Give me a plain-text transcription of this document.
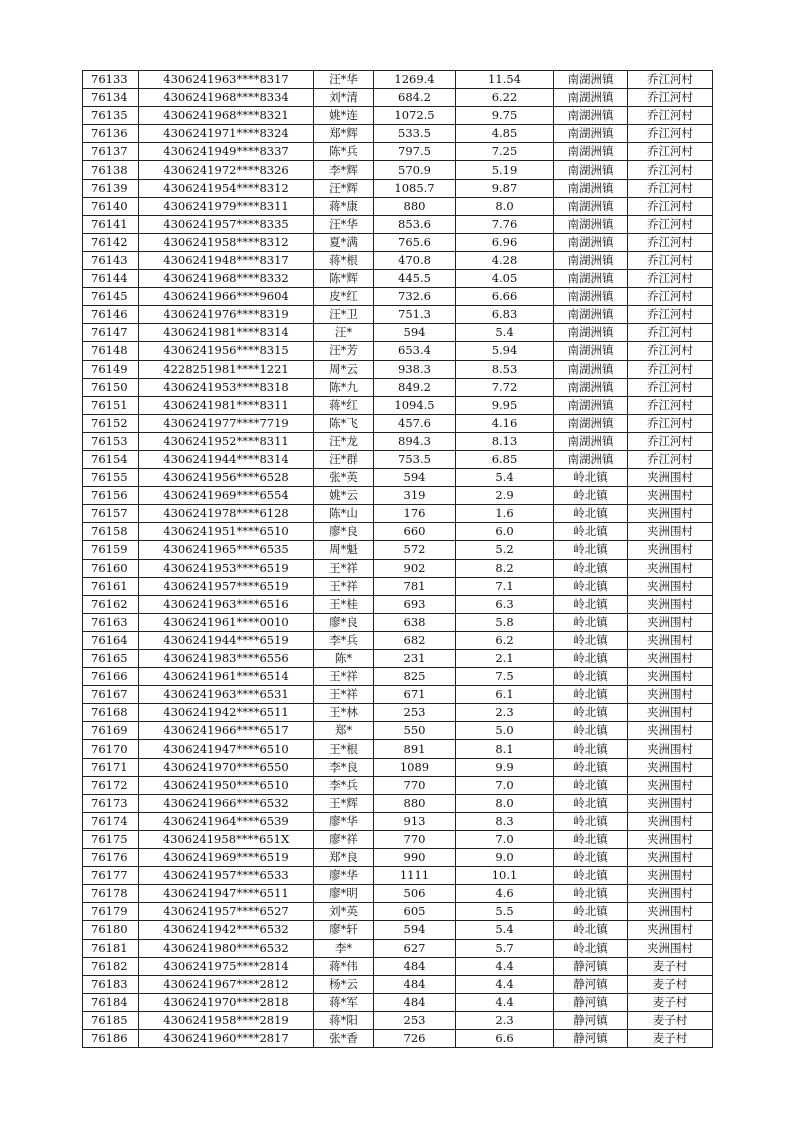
76133	4306241963****8317	汪*华	1269.4	11.54	南湖洲镇	乔江河村
76134	4306241968****8334	刘*清	684.2	6.22	南湖洲镇	乔江河村
76135	4306241968****8321	姚*连	1072.5	9.75	南湖洲镇	乔江河村
76136	4306241971****8324	郑*辉	533.5	4.85	南湖洲镇	乔江河村
76137	4306241949****8337	陈*兵	797.5	7.25	南湖洲镇	乔江河村
76138	4306241972****8326	李*辉	570.9	5.19	南湖洲镇	乔江河村
76139	4306241954****8312	汪*辉	1085.7	9.87	南湖洲镇	乔江河村
76140	4306241979****8311	蒋*康	880	8.0	南湖洲镇	乔江河村
76141	4306241957****8335	汪*华	853.6	7.76	南湖洲镇	乔江河村
76142	4306241958****8312	夏*满	765.6	6.96	南湖洲镇	乔江河村
76143	4306241948****8317	蒋*根	470.8	4.28	南湖洲镇	乔江河村
76144	4306241968****8332	陈*辉	445.5	4.05	南湖洲镇	乔江河村
76145	4306241966****9604	皮*红	732.6	6.66	南湖洲镇	乔江河村
76146	4306241976****8319	汪*卫	751.3	6.83	南湖洲镇	乔江河村
76147	4306241981****8314	汪*	594	5.4	南湖洲镇	乔江河村
76148	4306241956****8315	汪*芳	653.4	5.94	南湖洲镇	乔江河村
76149	4228251981****1221	周*云	938.3	8.53	南湖洲镇	乔江河村
76150	4306241953****8318	陈*九	849.2	7.72	南湖洲镇	乔江河村
76151	4306241981****8311	蒋*红	1094.5	9.95	南湖洲镇	乔江河村
76152	4306241977****7719	陈*飞	457.6	4.16	南湖洲镇	乔江河村
76153	4306241952****8311	汪*龙	894.3	8.13	南湖洲镇	乔江河村
76154	4306241944****8314	汪*群	753.5	6.85	南湖洲镇	乔江河村
76155	4306241956****6528	张*英	594	5.4	岭北镇	夹洲围村
76156	4306241969****6554	姚*云	319	2.9	岭北镇	夹洲围村
76157	4306241978****6128	陈*山	176	1.6	岭北镇	夹洲围村
76158	4306241951****6510	廖*良	660	6.0	岭北镇	夹洲围村
76159	4306241965****6535	周*魁	572	5.2	岭北镇	夹洲围村
76160	4306241953****6519	王*祥	902	8.2	岭北镇	夹洲围村
76161	4306241957****6519	王*祥	781	7.1	岭北镇	夹洲围村
76162	4306241963****6516	王*桂	693	6.3	岭北镇	夹洲围村
76163	4306241961****0010	廖*良	638	5.8	岭北镇	夹洲围村
76164	4306241944****6519	李*兵	682	6.2	岭北镇	夹洲围村
76165	4306241983****6556	陈*	231	2.1	岭北镇	夹洲围村
76166	4306241961****6514	王*祥	825	7.5	岭北镇	夹洲围村
76167	4306241963****6531	王*祥	671	6.1	岭北镇	夹洲围村
76168	4306241942****6511	王*林	253	2.3	岭北镇	夹洲围村
76169	4306241966****6517	郑*	550	5.0	岭北镇	夹洲围村
76170	4306241947****6510	王*根	891	8.1	岭北镇	夹洲围村
76171	4306241970****6550	李*良	1089	9.9	岭北镇	夹洲围村
76172	4306241950****6510	李*兵	770	7.0	岭北镇	夹洲围村
76173	4306241966****6532	王*辉	880	8.0	岭北镇	夹洲围村
76174	4306241964****6539	廖*华	913	8.3	岭北镇	夹洲围村
76175	4306241958****651X	廖*祥	770	7.0	岭北镇	夹洲围村
76176	4306241969****6519	郑*良	990	9.0	岭北镇	夹洲围村
76177	4306241957****6533	廖*华	1111	10.1	岭北镇	夹洲围村
76178	4306241947****6511	廖*明	506	4.6	岭北镇	夹洲围村
76179	4306241957****6527	刘*英	605	5.5	岭北镇	夹洲围村
76180	4306241942****6532	廖*轩	594	5.4	岭北镇	夹洲围村
76181	4306241980****6532	李*	627	5.7	岭北镇	夹洲围村
76182	4306241975****2814	蒋*伟	484	4.4	静河镇	麦子村
76183	4306241967****2812	杨*云	484	4.4	静河镇	麦子村
76184	4306241970****2818	蒋*军	484	4.4	静河镇	麦子村
76185	4306241958****2819	蒋*阳	253	2.3	静河镇	麦子村
76186	4306241960****2817	张*香	726	6.6	静河镇	麦子村
